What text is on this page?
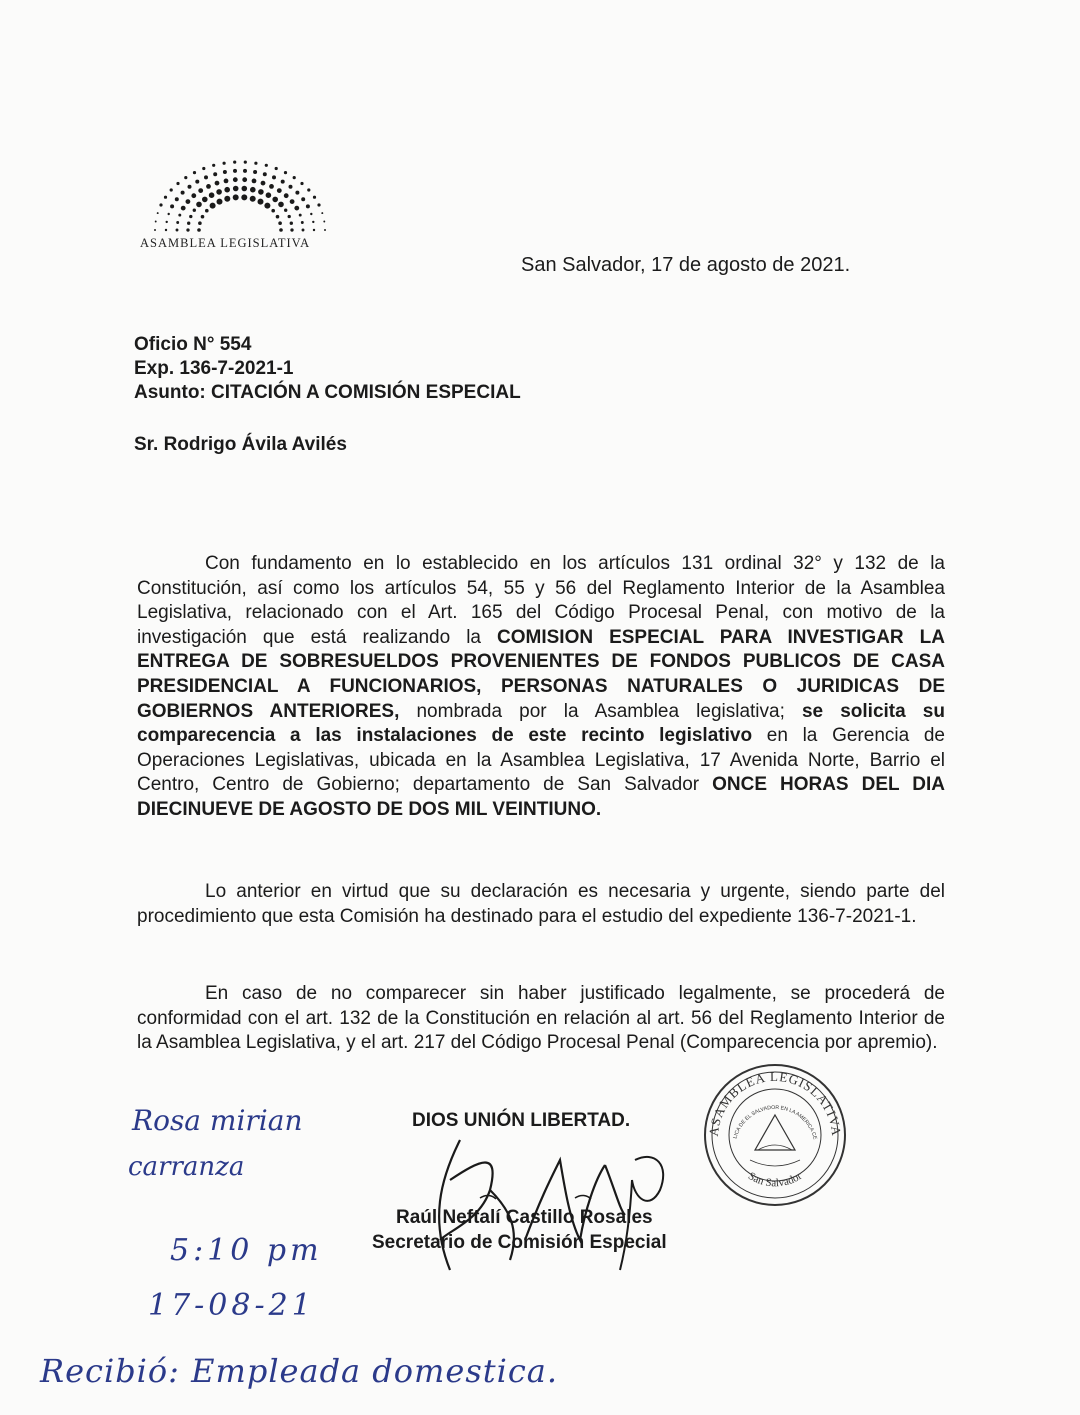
ASAMBLEA LEGISLATIVA
San Salvador, 17 de agosto de 2021.
Oficio N° 554
Exp. 136-7-2021-1
Asunto: CITACIÓN A COMISIÓN ESPECIAL
Sr. Rodrigo Ávila Avilés
Con fundamento en lo establecido en los artículos 131 ordinal 32° y 132 de la Constitución, así como los artículos 54, 55 y 56 del Reglamento Interior de la Asamblea Legislativa, relacionado con el Art. 165 del Código Procesal Penal, con motivo de la investigación que está realizando la COMISION ESPECIAL PARA INVESTIGAR LA ENTREGA DE SOBRESUELDOS PROVENIENTES DE FONDOS PUBLICOS DE CASA PRESIDENCIAL A FUNCIONARIOS, PERSONAS NATURALES O JURIDICAS DE GOBIERNOS ANTERIORES, nombrada por la Asamblea legislativa; se solicita su comparecencia a las instalaciones de este recinto legislativo en la Gerencia de Operaciones Legislativas, ubicada en la Asamblea Legislativa, 17 Avenida Norte, Barrio el Centro, Centro de Gobierno; departamento de San Salvador ONCE HORAS DEL DIA DIECINUEVE DE AGOSTO DE DOS MIL VEINTIUNO.
Lo anterior en virtud que su declaración es necesaria y urgente, siendo parte del procedimiento que esta Comisión ha destinado para el estudio del expediente 136-7-2021-1.
En caso de no comparecer sin haber justificado legalmente, se procederá de conformidad con el art. 132 de la Constitución en relación al art. 56 del Reglamento Interior de la Asamblea Legislativa, y el art. 217 del Código Procesal Penal (Comparecencia por apremio).
DIOS UNIÓN LIBERTAD.
Raúl Neftalí Castillo Rosales
Secretario de Comisión Especial
ASAMBLEA LEGISLATIVA
LICA DE EL SALVADOR EN LA AMERICA CE
San Salvador
Rosa mirian
carranza
5:10 pm
17-08-21
Recibió: Empleada domestica.
